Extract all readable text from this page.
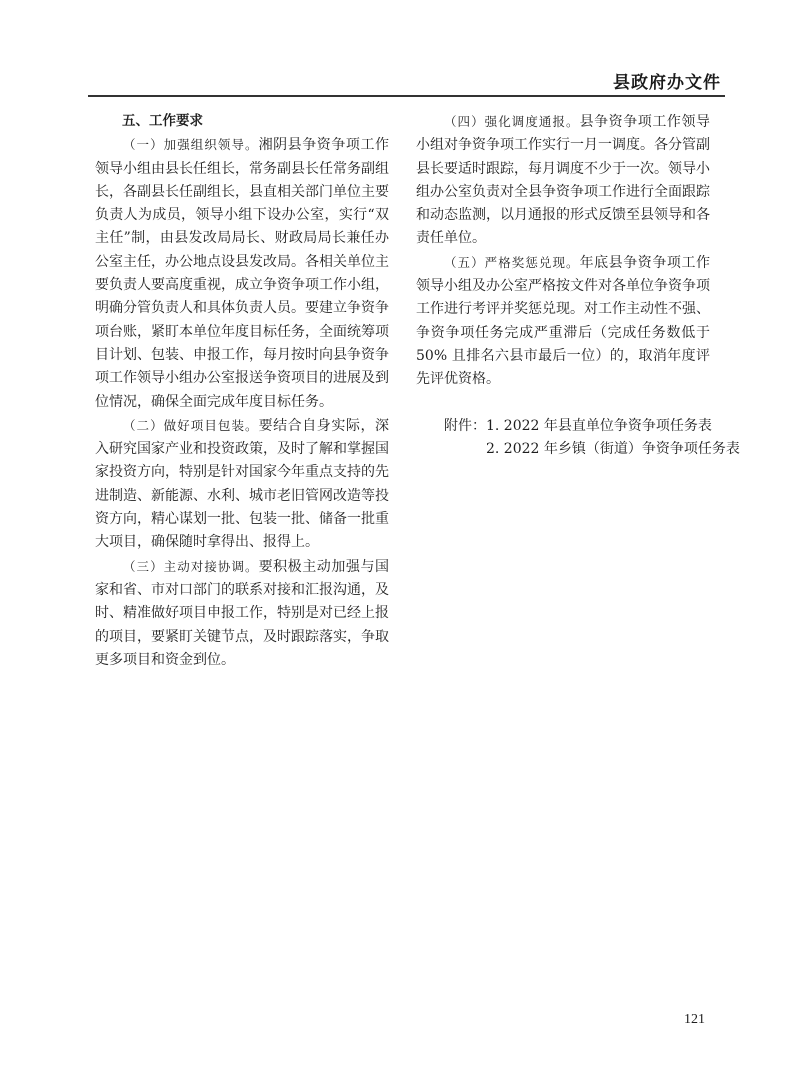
县政府办文件

五、工作要求

（一）加强组织领导。湘阴县争资争项工作领导小组由县长任组长，常务副县长任常务副组长，各副县长任副组长，县直相关部门单位主要负责人为成员，领导小组下设办公室，实行“双主任”制，由县发改局局长、财政局局长兼任办公室主任，办公地点设县发改局。各相关单位主要负责人要高度重视，成立争资争项工作小组，明确分管负责人和具体负责人员。要建立争资争项台账，紧盯本单位年度目标任务，全面统筹项目计划、包装、申报工作，每月按时向县争资争项工作领导小组办公室报送争资项目的进展及到位情况，确保全面完成年度目标任务。

（二）做好项目包装。要结合自身实际，深入研究国家产业和投资政策，及时了解和掌握国家投资方向，特别是针对国家今年重点支持的先进制造、新能源、水利、城市老旧管网改造等投资方向，精心谋划一批、包装一批、储备一批重大项目，确保随时拿得出、报得上。

（三）主动对接协调。要积极主动加强与国家和省、市对口部门的联系对接和汇报沟通，及时、精准做好项目申报工作，特别是对已经上报的项目，要紧盯关键节点，及时跟踪落实，争取更多项目和资金到位。

（四）强化调度通报。县争资争项工作领导小组对争资争项工作实行一月一调度。各分管副县长要适时跟踪，每月调度不少于一次。领导小组办公室负责对全县争资争项工作进行全面跟踪和动态监测，以月通报的形式反馈至县领导和各责任单位。

（五）严格奖惩兑现。年底县争资争项工作领导小组及办公室严格按文件对各单位争资争项工作进行考评并奖惩兑现。对工作主动性不强、争资争项任务完成严重滞后（完成任务数低于50% 且排名六县市最后一位）的，取消年度评先评优资格。

附件：1. 2022 年县直单位争资争项任务表
2. 2022 年乡镇（街道）争资争项任务表
121
